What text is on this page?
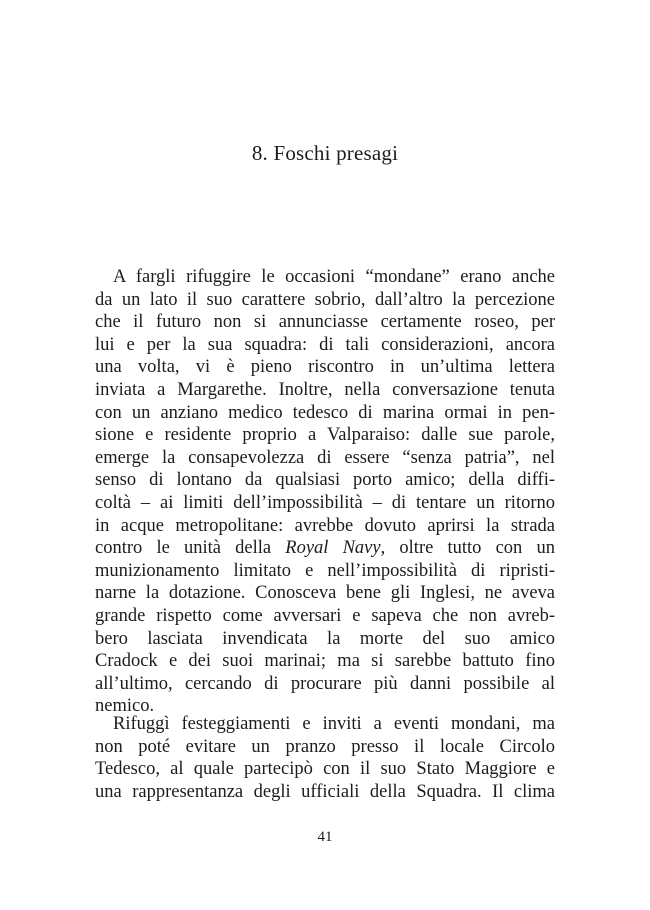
8. Foschi presagi
A fargli rifuggire le occasioni “mondane” erano anche
da un lato il suo carattere sobrio, dall’altro la percezione
che il futuro non si annunciasse certamente roseo, per
lui e per la sua squadra: di tali considerazioni, ancora
una volta, vi è pieno riscontro in un’ultima lettera
inviata a Margarethe. Inoltre, nella conversazione tenuta
con un anziano medico tedesco di marina ormai in pen-
sione e residente proprio a Valparaiso: dalle sue parole,
emerge la consapevolezza di essere “senza patria”, nel
senso di lontano da qualsiasi porto amico; della diffi-
coltà – ai limiti dell’impossibilità – di tentare un ritorno
in acque metropolitane: avrebbe dovuto aprirsi la strada
contro le unità della Royal Navy, oltre tutto con un
munizionamento limitato e nell’impossibilità di ripristi-
narne la dotazione. Conosceva bene gli Inglesi, ne aveva
grande rispetto come avversari e sapeva che non avreb-
bero lasciata invendicata la morte del suo amico
Cradock e dei suoi marinai; ma si sarebbe battuto fino
all’ultimo, cercando di procurare più danni possibile al
nemico.
Rifuggì festeggiamenti e inviti a eventi mondani, ma
non poté evitare un pranzo presso il locale Circolo
Tedesco, al quale partecipò con il suo Stato Maggiore e
una rappresentanza degli ufficiali della Squadra. Il clima
41
